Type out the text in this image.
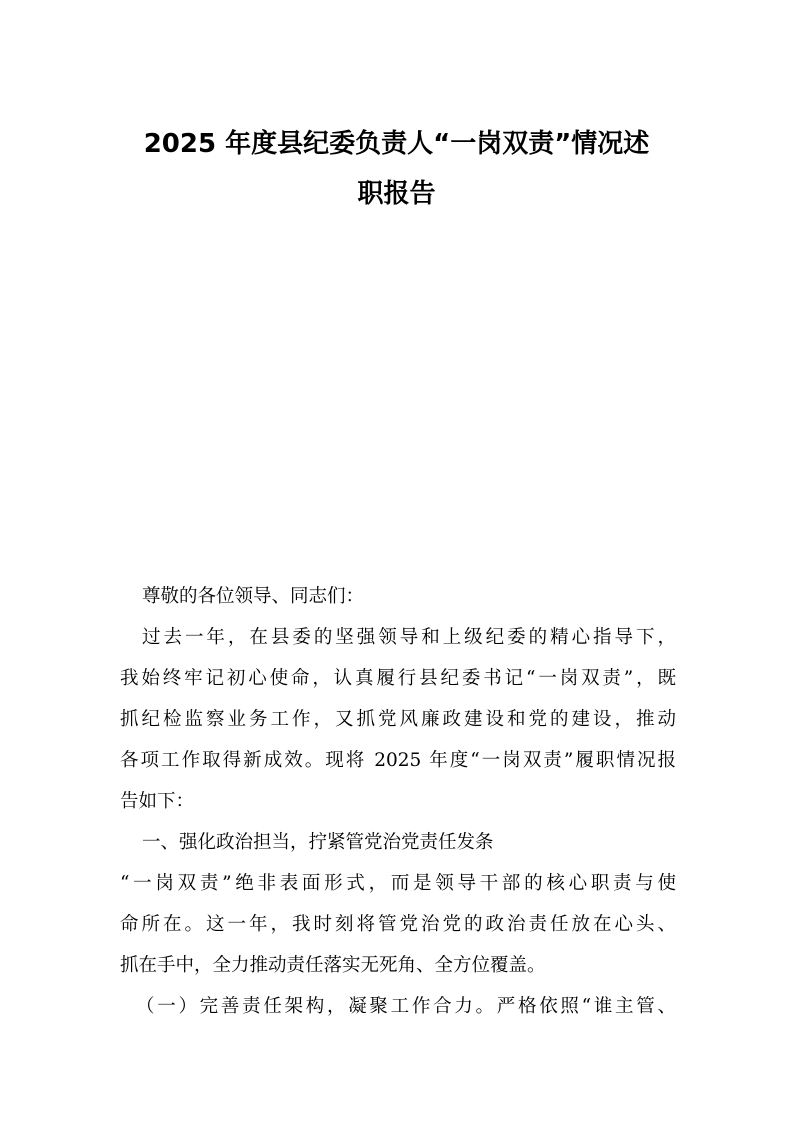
2025 年度县纪委负责人“一岗双责”情况述
职报告

尊敬的各位领导、同志们：

过去一年，在县委的坚强领导和上级纪委的精心指导下，

我始终牢记初心使命，认真履行县纪委书记“一岗双责”，既

抓纪检监察业务工作，又抓党风廉政建设和党的建设，推动

各项工作取得新成效。现将 2025 年度“一岗双责”履职情况报

告如下：

一、强化政治担当，拧紧管党治党责任发条

“一岗双责”绝非表面形式，而是领导干部的核心职责与使

命所在。这一年，我时刻将管党治党的政治责任放在心头、

抓在手中，全力推动责任落实无死角、全方位覆盖。

（一）完善责任架构，凝聚工作合力。严格依照“谁主管、
